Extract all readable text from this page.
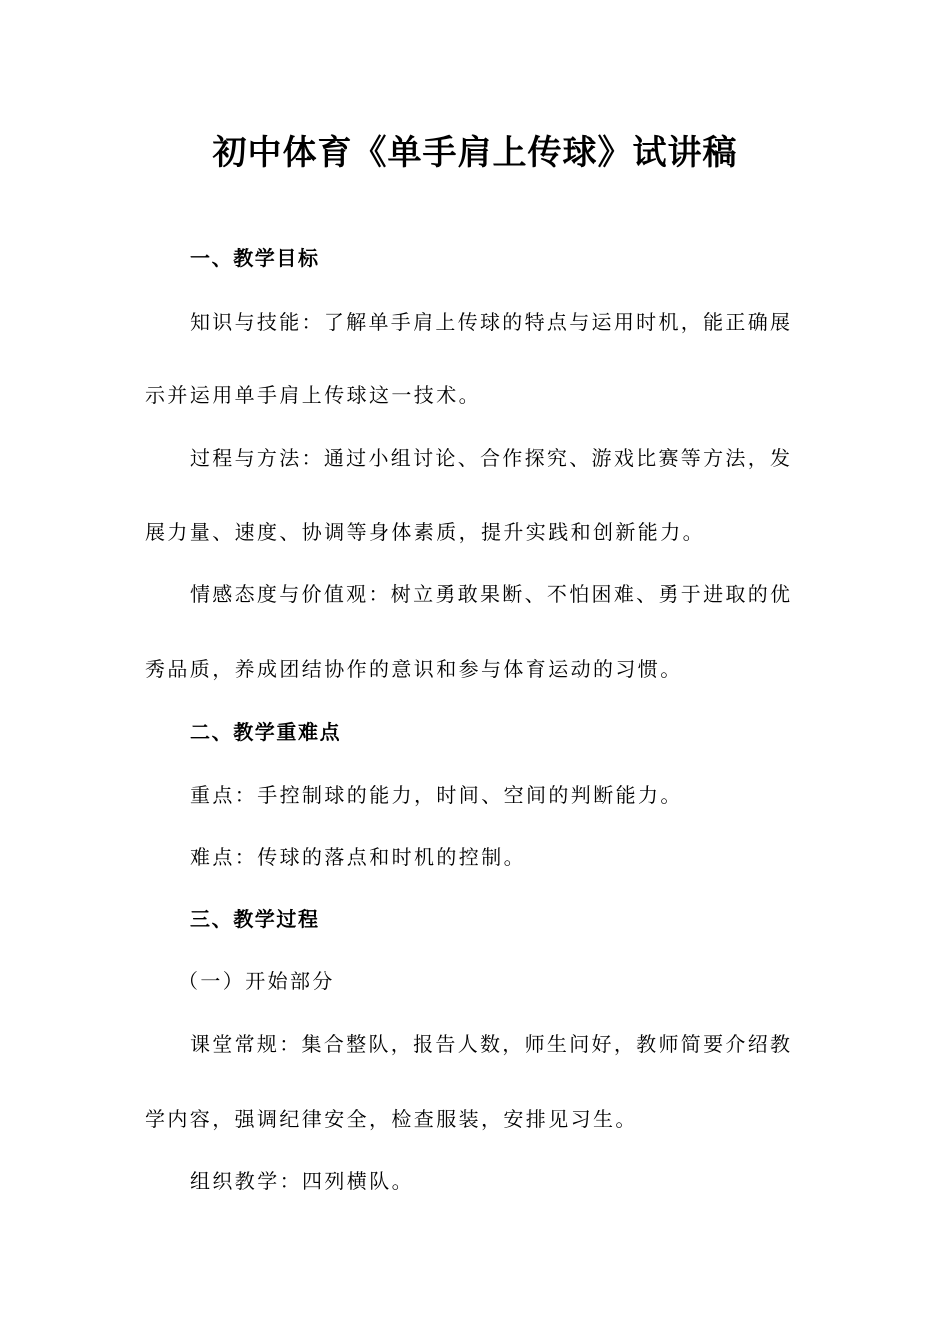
初中体育《单手肩上传球》试讲稿

一、教学目标

知识与技能：了解单手肩上传球的特点与运用时机，能正确展

示并运用单手肩上传球这一技术。

过程与方法：通过小组讨论、合作探究、游戏比赛等方法，发

展力量、速度、协调等身体素质，提升实践和创新能力。

情感态度与价值观：树立勇敢果断、不怕困难、勇于进取的优

秀品质，养成团结协作的意识和参与体育运动的习惯。

二、教学重难点

重点：手控制球的能力，时间、空间的判断能力。

难点：传球的落点和时机的控制。

三、教学过程

（一）开始部分

课堂常规：集合整队，报告人数，师生问好，教师简要介绍教

学内容，强调纪律安全，检查服装，安排见习生。

组织教学：四列横队。
